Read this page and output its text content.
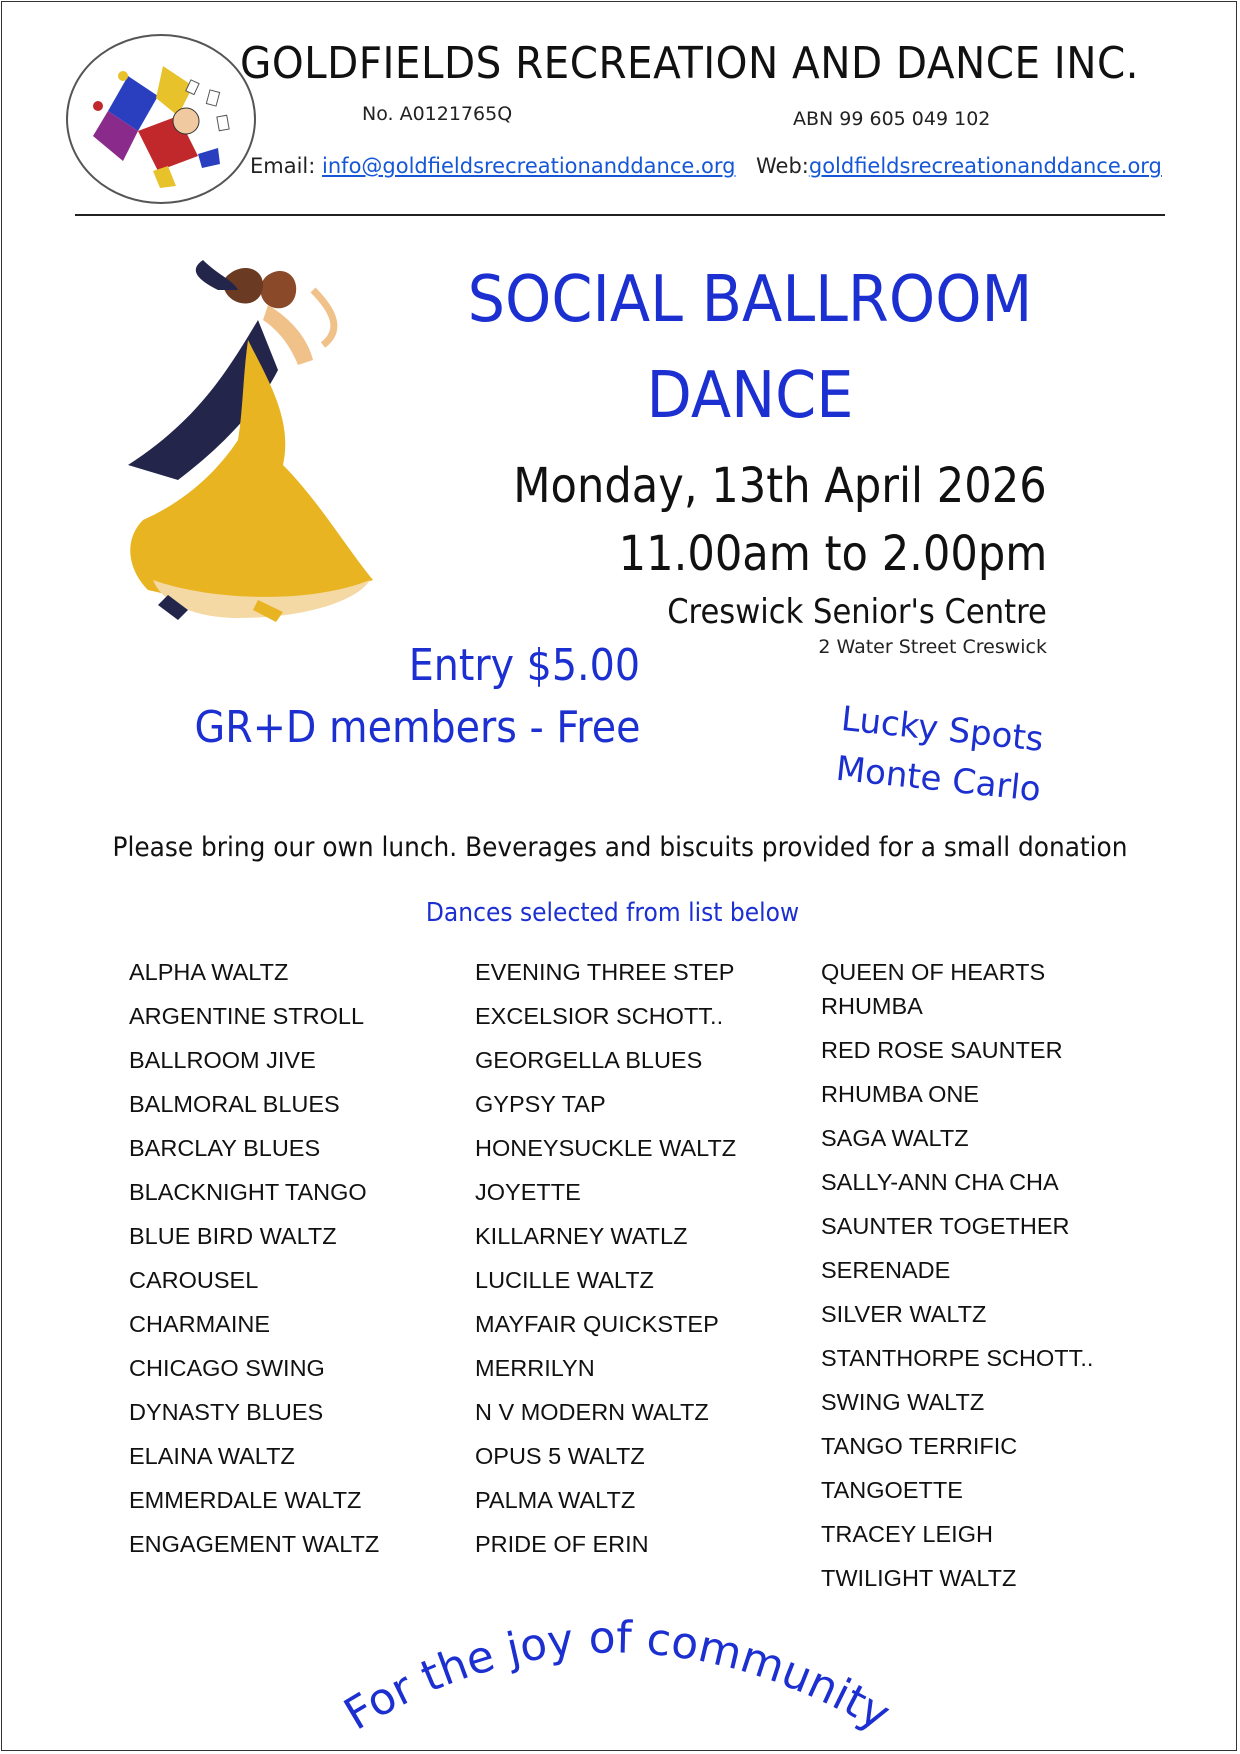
GOLDFIELDS RECREATION AND DANCE INC.
No. A0121765Q	ABN 99 605 049 102
Email: info@goldfieldsrecreationanddance.org Web:goldfieldsrecreationanddance.org
SOCIAL BALLROOM
DANCE
Monday, 13th April 2026
11.00am to 2.00pm
Creswick Senior's Centre
2 Water Street Creswick
Entry $5.00
GR+D members - Free	Lucky Spots
Monte Carlo
Please bring our own lunch. Beverages and biscuits provided for a small donation
Dances selected from list below
ALPHA WALTZ
ARGENTINE STROLL
BALLROOM JIVE
BALMORAL BLUES
BARCLAY BLUES
BLACKNIGHT TANGO
BLUE BIRD WALTZ
CAROUSEL
CHARMAINE
CHICAGO SWING
DYNASTY BLUES
ELAINA WALTZ
EMMERDALE WALTZ
ENGAGEMENT WALTZ
EVENING THREE STEP
EXCELSIOR SCHOTT..
GEORGELLA BLUES
GYPSY TAP
HONEYSUCKLE WALTZ
JOYETTE
KILLARNEY WATLZ
LUCILLE WALTZ
MAYFAIR QUICKSTEP
MERRILYN
N V MODERN WALTZ
OPUS 5 WALTZ
PALMA WALTZ
PRIDE OF ERIN
QUEEN OF HEARTS RHUMBA
RED ROSE SAUNTER
RHUMBA ONE
SAGA WALTZ
SALLY-ANN CHA CHA
SAUNTER TOGETHER
SERENADE
SILVER WALTZ
STANTHORPE SCHOTT..
SWING WALTZ
TANGO TERRIFIC
TANGOETTE
TRACEY LEIGH
TWILIGHT WALTZ
For the joy of community
